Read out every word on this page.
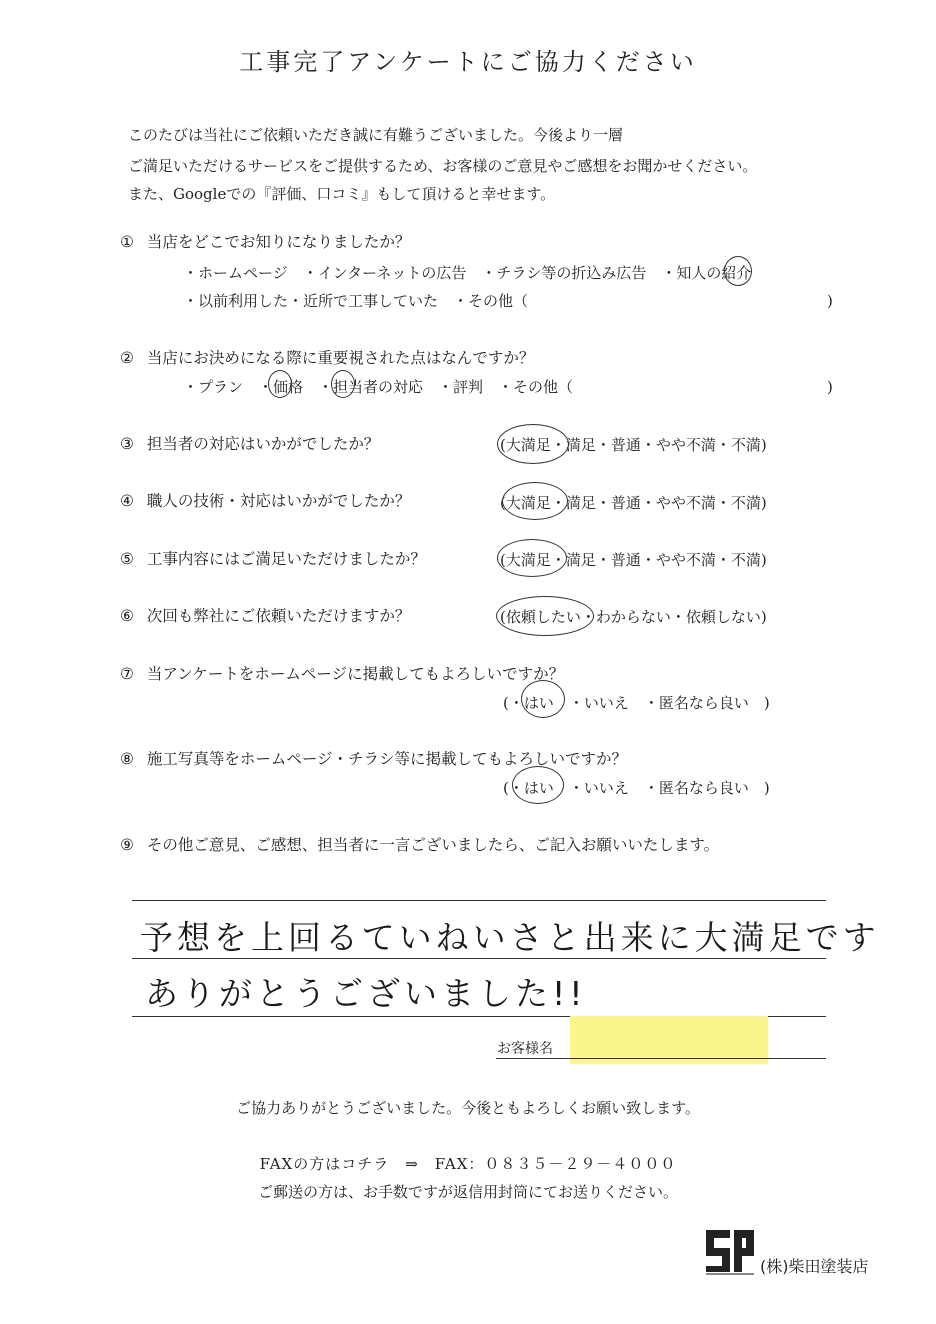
工事完了アンケートにご協力ください
このたびは当社にご依頼いただき誠に有難うございました。今後より一層
ご満足いただけるサービスをご提供するため、お客様のご意見やご感想をお聞かせください。
また、Googleでの『評価、口コミ』もして頂けると幸せます。
① 当店をどこでお知りになりましたか？
・ホームページ　・インターネットの広告　・チラシ等の折込み広告　・知人の紹介
・以前利用した・近所で工事していた　・その他（	)
② 当店にお決めになる際に重要視された点はなんですか？
・プラン　・価格　・担当者の対応　・評判　・その他（	)
③ 担当者の対応はいかがでしたか？	(大満足・満足・普通・やや不満・不満)
④ 職人の技術・対応はいかがでしたか？	(大満足・満足・普通・やや不満・不満)
⑤ 工事内容にはご満足いただけましたか？	(大満足・満足・普通・やや不満・不満)
⑥ 次回も弊社にご依頼いただけますか？	(依頼したい・わからない・依頼しない)
⑦ 当アンケートをホームページに掲載してもよろしいですか？
(・はい　・いいえ　・匿名なら良い　)
⑧ 施工写真等をホームページ・チラシ等に掲載してもよろしいですか？
(・はい　・いいえ　・匿名なら良い　)
⑨ その他ご意見、ご感想、担当者に一言ございましたら、ご記入お願いいたします。
予想を上回るていねいさと出来に大満足です
ありがとうございました!!
お客様名
ご協力ありがとうございました。今後ともよろしくお願い致します。
FAXの方はコチラ　⇒　FAX：０８３５－２９－４０００
ご郵送の方は、お手数ですが返信用封筒にてお送りください。
(株)柴田塗装店
